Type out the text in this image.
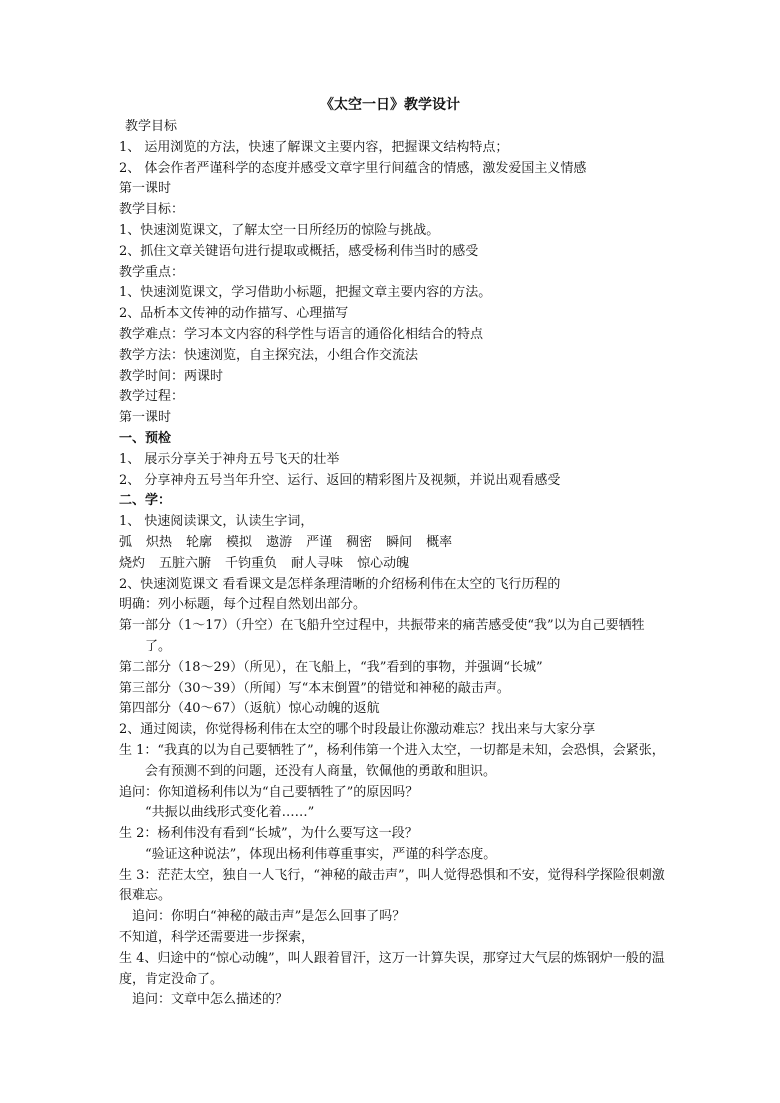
《太空一日》教学设计

教学目标

1、 运用浏览的方法，快速了解课文主要内容，把握课文结构特点；

2、 体会作者严谨科学的态度并感受文章字里行间蕴含的情感，激发爱国主义情感

第一课时

教学目标：

1、快速浏览课文，了解太空一日所经历的惊险与挑战。

2、抓住文章关键语句进行提取或概括，感受杨利伟当时的感受

教学重点：

1、快速浏览课文，学习借助小标题，把握文章主要内容的方法。

2、品析本文传神的动作描写、心理描写

教学难点：学习本文内容的科学性与语言的通俗化相结合的特点

教学方法：快速浏览，自主探究法，小组合作交流法

教学时间：两课时

教学过程：

第一课时

一、预检

1、 展示分享关于神舟五号飞天的壮举

2、 分享神舟五号当年升空、运行、返回的精彩图片及视频，并说出观看感受

二、学：

1、 快速阅读课文，认读生字词，

弧 炽热 轮廓 模拟 遨游 严谨 稠密 瞬间 概率
烧灼 五脏六腑 千钧重负 耐人寻味 惊心动魄

2、快速浏览课文 看看课文是怎样条理清晰的介绍杨利伟在太空的飞行历程的

明确：列小标题，每个过程自然划出部分。

第一部分（1～17）（升空）在飞船升空过程中，共振带来的痛苦感受使“我”以为自己要牺牲了。

第二部分（18～29）（所见），在飞船上，“我”看到的事物，并强调“长城”

第三部分（30～39）（所闻）写“本末倒置”的错觉和神秘的敲击声。

第四部分（40～67）（返航）惊心动魄的返航

2、通过阅读，你觉得杨利伟在太空的哪个时段最让你激动难忘？找出来与大家分享

生 1：“我真的以为自己要牺牲了”，杨利伟第一个进入太空，一切都是未知，会恐惧，会紧张，会有预测不到的问题，还没有人商量，钦佩他的勇敢和胆识。

追问：你知道杨利伟以为“自己要牺牲了”的原因吗？

“共振以曲线形式变化着……”

生 2：杨利伟没有看到“长城”，为什么要写这一段？

“验证这种说法”，体现出杨利伟尊重事实，严谨的科学态度。

生 3：茫茫太空，独自一人飞行，“神秘的敲击声”，叫人觉得恐惧和不安，觉得科学探险很刺激很难忘。

追问：你明白“神秘的敲击声”是怎么回事了吗？

不知道，科学还需要进一步探索，

生 4、归途中的“惊心动魄”，叫人跟着冒汗，这万一计算失误，那穿过大气层的炼钢炉一般的温度，肯定没命了。

追问：文章中怎么描述的？
